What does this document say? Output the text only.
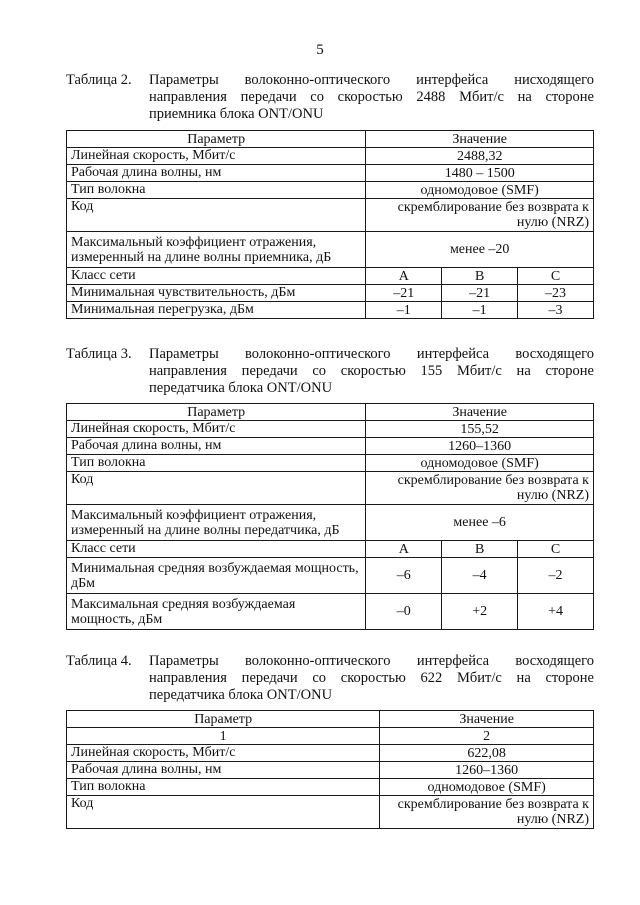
5
Таблица 2. Параметры волоконно-оптического интерфейса нисходящего
направления передачи со скоростью 2488 Мбит/с на стороне
приемника блока ONT/ONU
Параметр	Значение		
Линейная скорость, Мбит/с	2488,32		
Рабочая длина волны, нм	1480 – 1500		
Тип волокна	одномодовое (SMF)		
Код	скремблирование без возврата к нулю (NRZ)		
Максимальный коэффициент отражения, измеренный на длине волны приемника, дБ	менее –20		
Класс сети	А	В	С
Минимальная чувствительность, дБм	–21	–21	–23
Минимальная перегрузка, дБм	–1	–1	–3
Таблица 3. Параметры волоконно-оптического интерфейса восходящего
направления передачи со скоростью 155 Мбит/с на стороне
передатчика блока ONT/ONU
Параметр	Значение		
Линейная скорость, Мбит/с	155,52		
Рабочая длина волны, нм	1260–1360		
Тип волокна	одномодовое (SMF)		
Код	скремблирование без возврата к нулю (NRZ)		
Максимальный коэффициент отражения, измеренный на длине волны передатчика, дБ	менее –6		
Класс сети	А	В	С
Минимальная средняя возбуждаемая мощность, дБм	–6	–4	–2
Максимальная средняя возбуждаемая мощность, дБм	–0	+2	+4
Таблица 4. Параметры волоконно-оптического интерфейса восходящего
направления передачи со скоростью 622 Мбит/с на стороне
передатчика блока ONT/ONU
Параметр	Значение
1	2
Линейная скорость, Мбит/с	622,08
Рабочая длина волны, нм	1260–1360
Тип волокна	одномодовое (SMF)
Код	скремблирование без возврата к нулю (NRZ)
